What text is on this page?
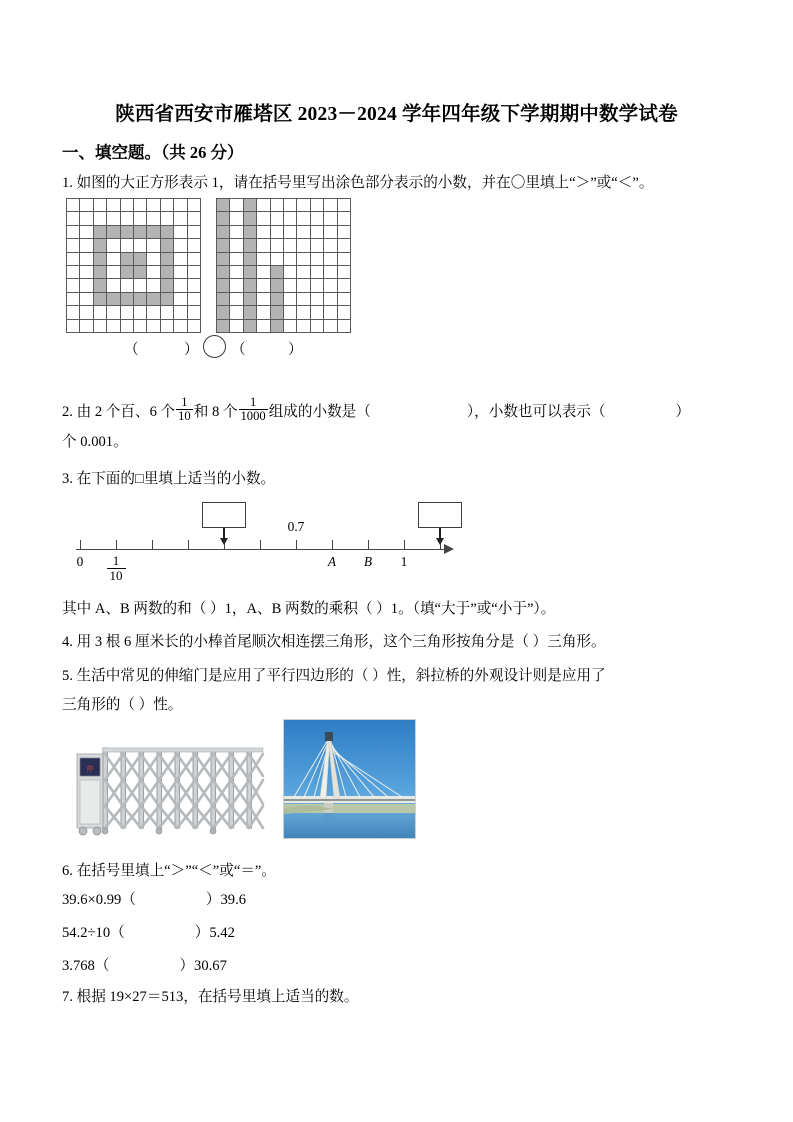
陕西省西安市雁塔区 2023－2024 学年四年级下学期期中数学试卷
一、填空题。（共 26 分）
1. 如图的大正方形表示 1，请在括号里写出涂色部分表示的小数，并在〇里填上“＞”或“＜”。

（	） （	）
2. 由 2 个百、6 个 $\frac{1}{10}$ 和 8 个 $\frac{1}{1000}$ 组成的小数是（	），小数也可以表示（	）
个 0.001。
3. 在下面的□里填上适当的小数。
0	1
10
A	B	1
0.7
其中 A、B 两数的和（ ）1，A、B 两数的乘积（ ）1。（填“大于”或“小于”）。
4. 用 3 根 6 厘米长的小棒首尾顺次相连摆三角形，这个三角形按角分是（ ）三角形。
5. 生活中常见的伸缩门是应用了平行四边形的（ ）性，斜拉桥的外观设计则是应用了
三角形的（ ）性。
停
6. 在括号里填上“＞”“＜”或“＝”。
39.6×0.99（	）39.6
54.2÷10（	）5.42
3.768（	）30.67
7. 根据 19×27＝513，在括号里填上适当的数。
